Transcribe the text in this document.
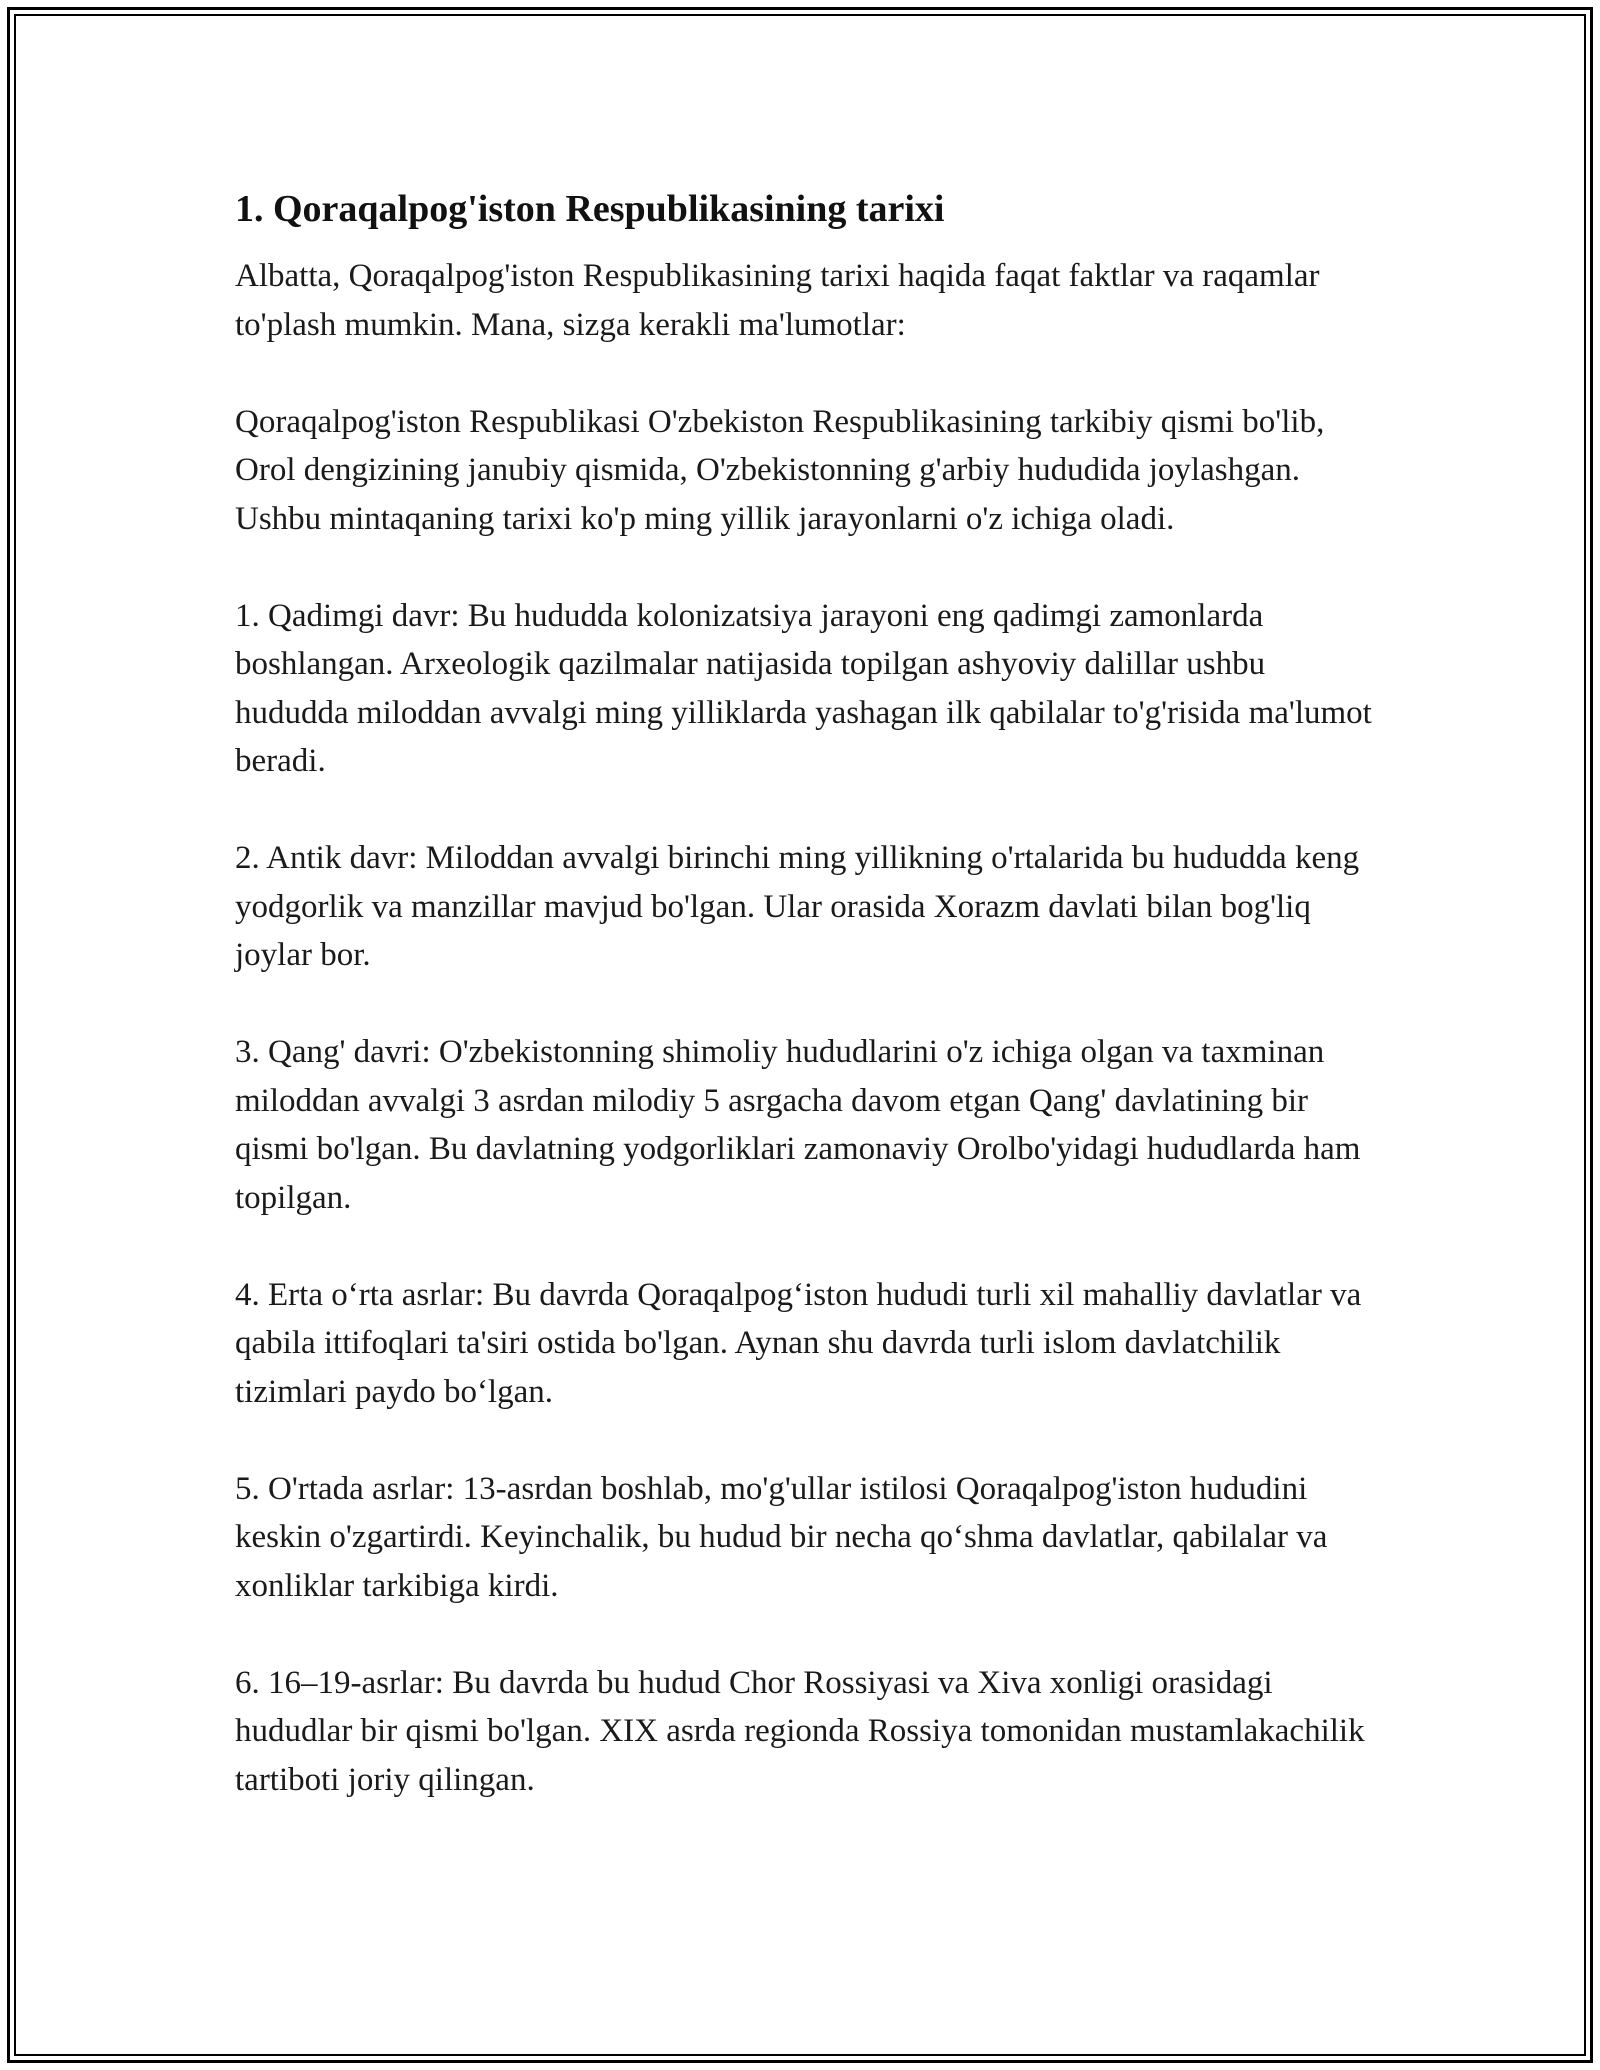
1. Qoraqalpog'iston Respublikasining tarixi

Albatta, Qoraqalpog'iston Respublikasining tarixi haqida faqat faktlar va raqamlar to'plash mumkin. Mana, sizga kerakli ma'lumotlar:

Qoraqalpog'iston Respublikasi O'zbekiston Respublikasining tarkibiy qismi bo'lib, Orol dengizining janubiy qismida, O'zbekistonning g'arbiy hududida joylashgan. Ushbu mintaqaning tarixi ko'p ming yillik jarayonlarni o'z ichiga oladi.

1. Qadimgi davr: Bu hududda kolonizatsiya jarayoni eng qadimgi zamonlarda boshlangan. Arxeologik qazilmalar natijasida topilgan ashyoviy dalillar ushbu hududda miloddan avvalgi ming yilliklarda yashagan ilk qabilalar to'g'risida ma'lumot beradi.

2. Antik davr: Miloddan avvalgi birinchi ming yillikning o'rtalarida bu hududda keng yodgorlik va manzillar mavjud bo'lgan. Ular orasida Xorazm davlati bilan bog'liq joylar bor.

3. Qang' davri: O'zbekistonning shimoliy hududlarini o'z ichiga olgan va taxminan miloddan avvalgi 3 asrdan milodiy 5 asrgacha davom etgan Qang' davlatining bir qismi bo'lgan. Bu davlatning yodgorliklari zamonaviy Orolbo'yidagi hududlarda ham topilgan.

4. Erta o‘rta asrlar: Bu davrda Qoraqalpog‘iston hududi turli xil mahalliy davlatlar va qabila ittifoqlari ta'siri ostida bo'lgan. Aynan shu davrda turli islom davlatchilik tizimlari paydo bo‘lgan.

5. O'rtada asrlar: 13-asrdan boshlab, mo'g'ullar istilosi Qoraqalpog'iston hududini keskin o'zgartirdi. Keyinchalik, bu hudud bir necha qo‘shma davlatlar, qabilalar va xonliklar tarkibiga kirdi.

6. 16–19-asrlar: Bu davrda bu hudud Chor Rossiyasi va Xiva xonligi orasidagi hududlar bir qismi bo'lgan. XIX asrda regionda Rossiya tomonidan mustamlakachilik tartiboti joriy qilingan.
